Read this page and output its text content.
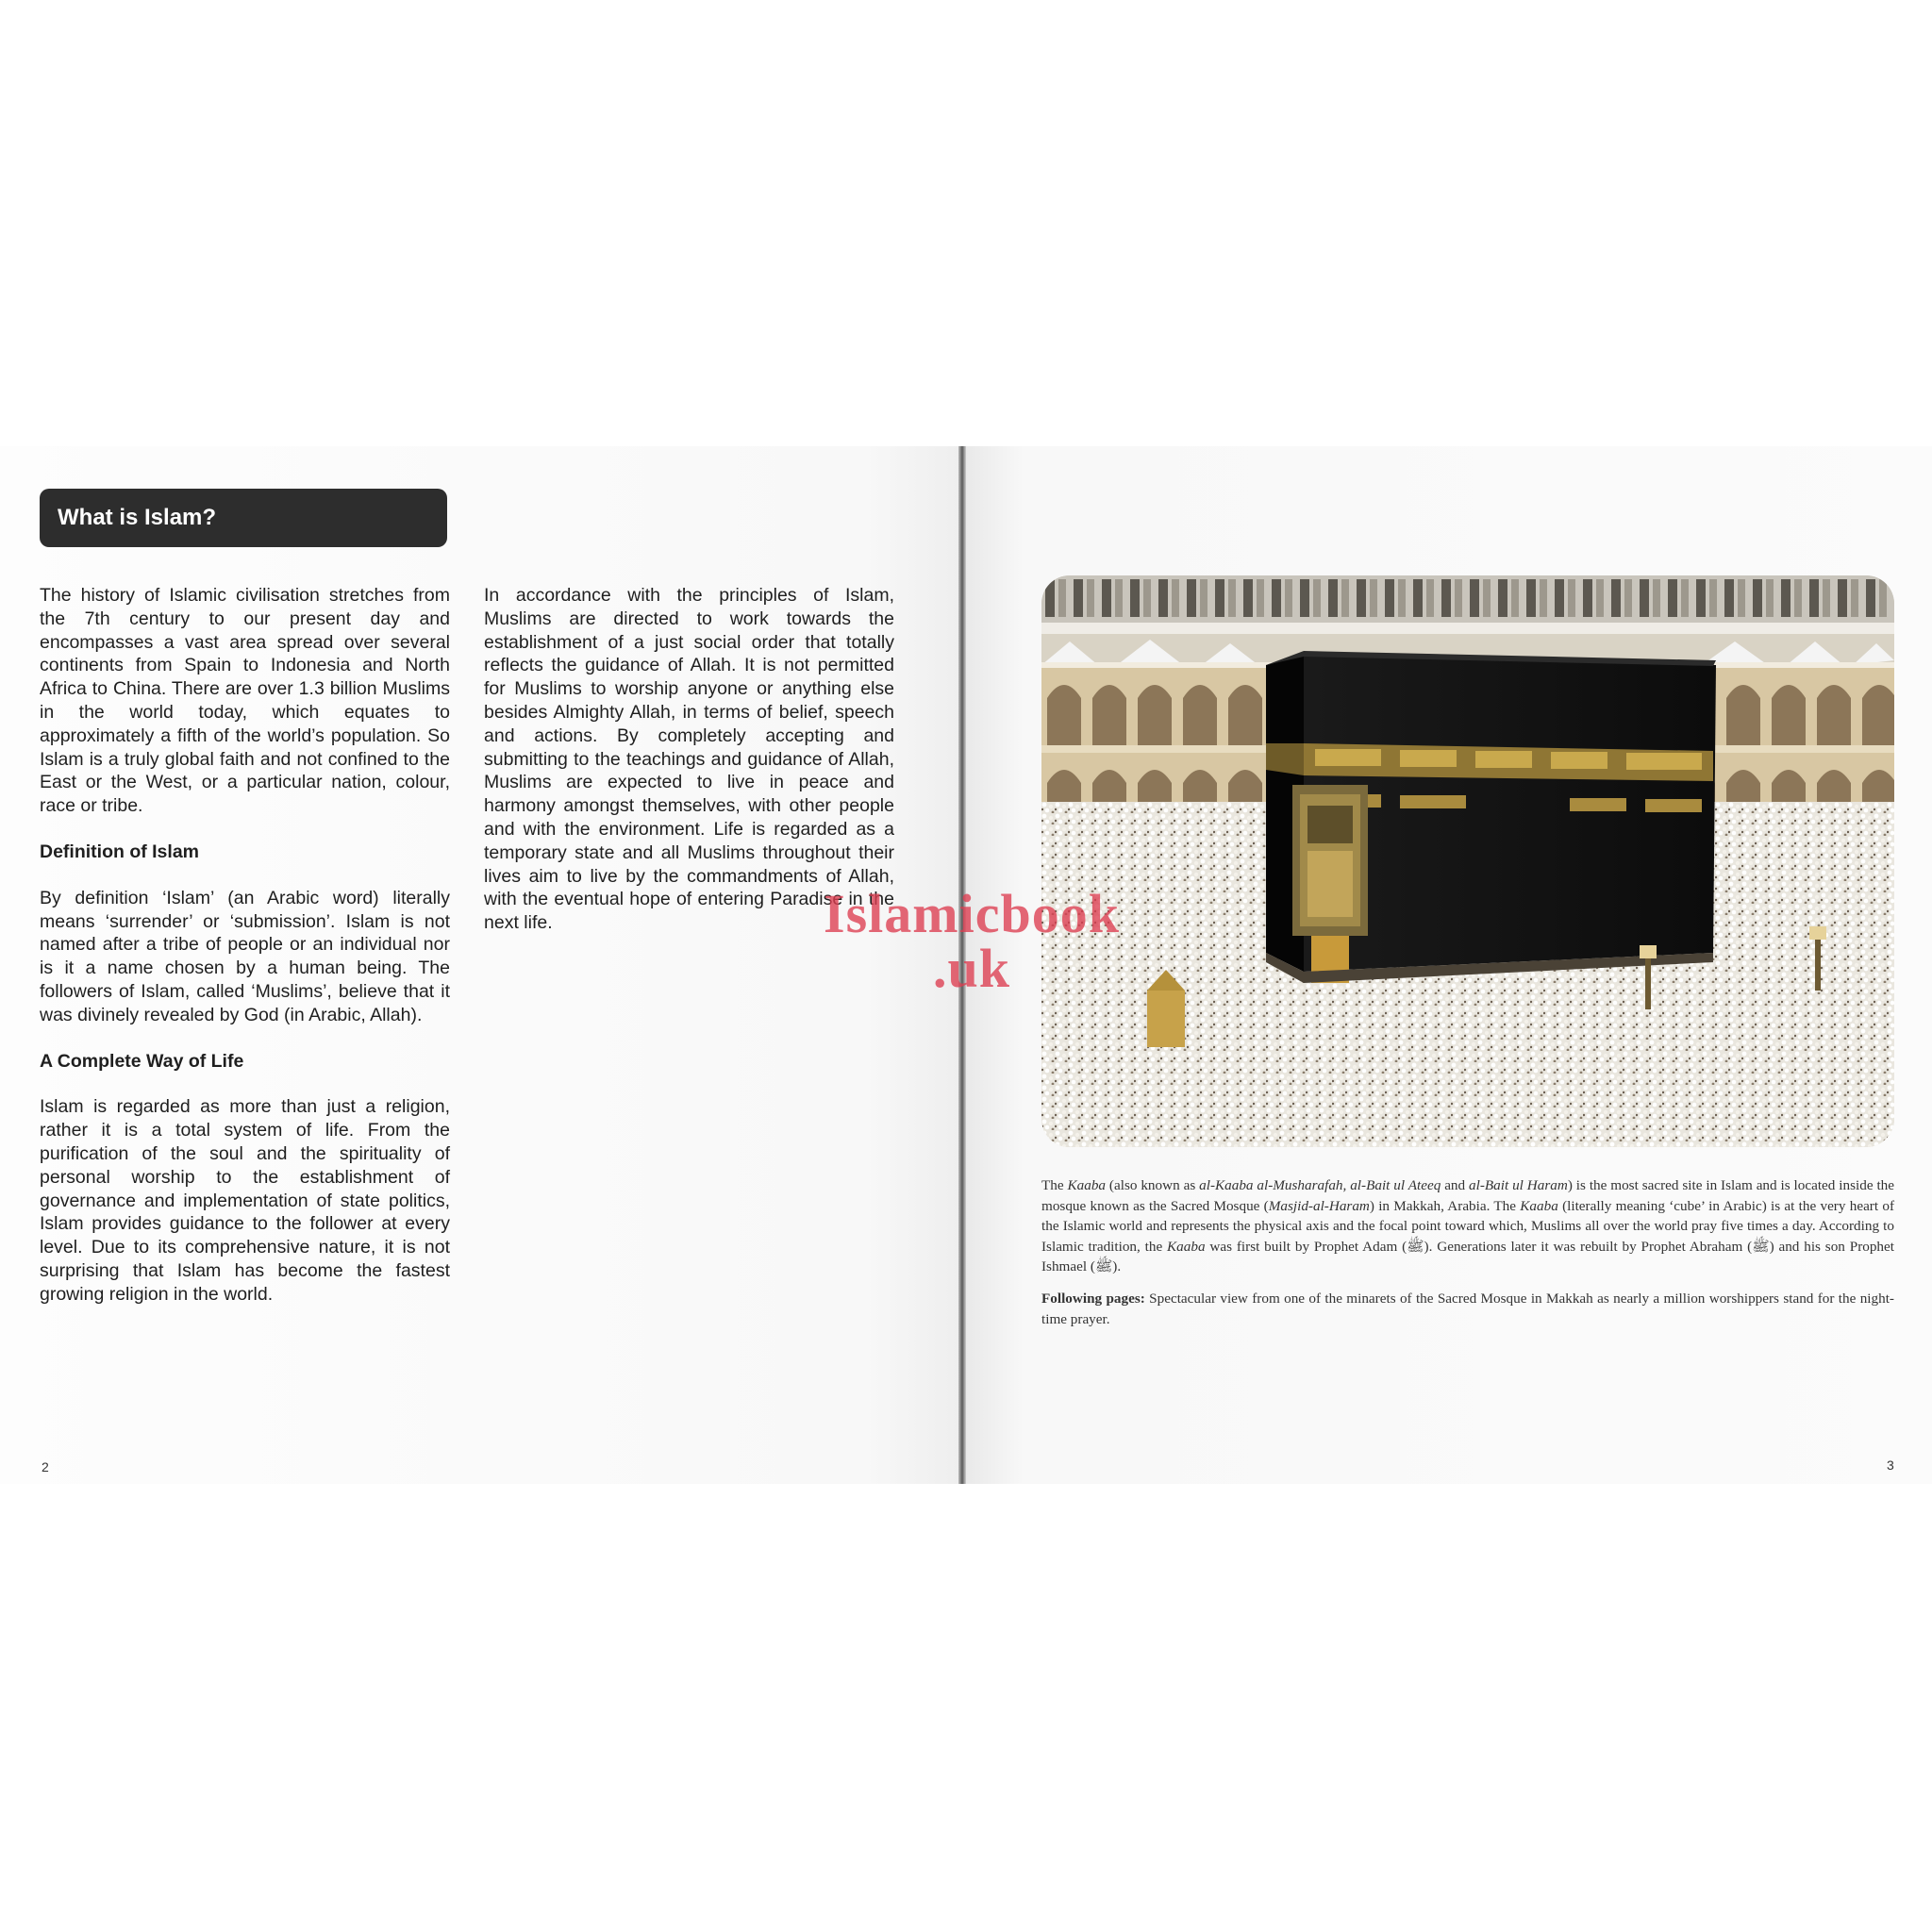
What is Islam?

The history of Islamic civilisation stretches from the 7th century to our present day and encompasses a vast area spread over several continents from Spain to Indonesia and North Africa to China. There are over 1.3 billion Muslims in the world today, which equates to approximately a fifth of the world’s population. So Islam is a truly global faith and not confined to the East or the West, or a particular nation, colour, race or tribe.

Definition of Islam

By definition ‘Islam’ (an Arabic word) literally means ‘surrender’ or ‘submission’. Islam is not named after a tribe of people or an individual nor is it a name chosen by a human being. The followers of Islam, called ‘Muslims’, believe that it was divinely revealed by God (in Arabic, Allah).

A Complete Way of Life

Islam is regarded as more than just a religion, rather it is a total system of life. From the purification of the soul and the spirituality of personal worship to the establishment of governance and implementation of state politics, Islam provides guidance to the follower at every level. Due to its comprehensive nature, it is not surprising that Islam has become the fastest growing religion in the world.

In accordance with the principles of Islam, Muslims are directed to work towards the establishment of a just social order that totally reflects the guidance of Allah. It is not permitted for Muslims to worship anyone or anything else besides Almighty Allah, in terms of belief, speech and actions. By completely accepting and submitting to the teachings and guidance of Allah, Muslims are expected to live in peace and harmony amongst themselves, with other people and with the environment. Life is regarded as a temporary state and all Muslims throughout their lives aim to live by the commandments of Allah, with the eventual hope of entering Paradise in the next life.

2	3

The Kaaba (also known as al-Kaaba al-Musharafah, al-Bait ul Ateeq and al-Bait ul Haram) is the most sacred site in Islam and is located inside the mosque known as the Sacred Mosque (Masjid-al-Haram) in Makkah, Arabia. The Kaaba (literally meaning ‘cube’ in Arabic) is at the very heart of the Islamic world and represents the physical axis and the focal point toward which, Muslims all over the world pray five times a day. According to Islamic tradition, the Kaaba was first built by Prophet Adam (ﷺ). Generations later it was rebuilt by Prophet Abraham (ﷺ) and his son Prophet Ishmael (ﷺ).

Following pages: Spectacular view from one of the minarets of the Sacred Mosque in Makkah as nearly a million worshippers stand for the night-time prayer.

Islamicbook
.uk
